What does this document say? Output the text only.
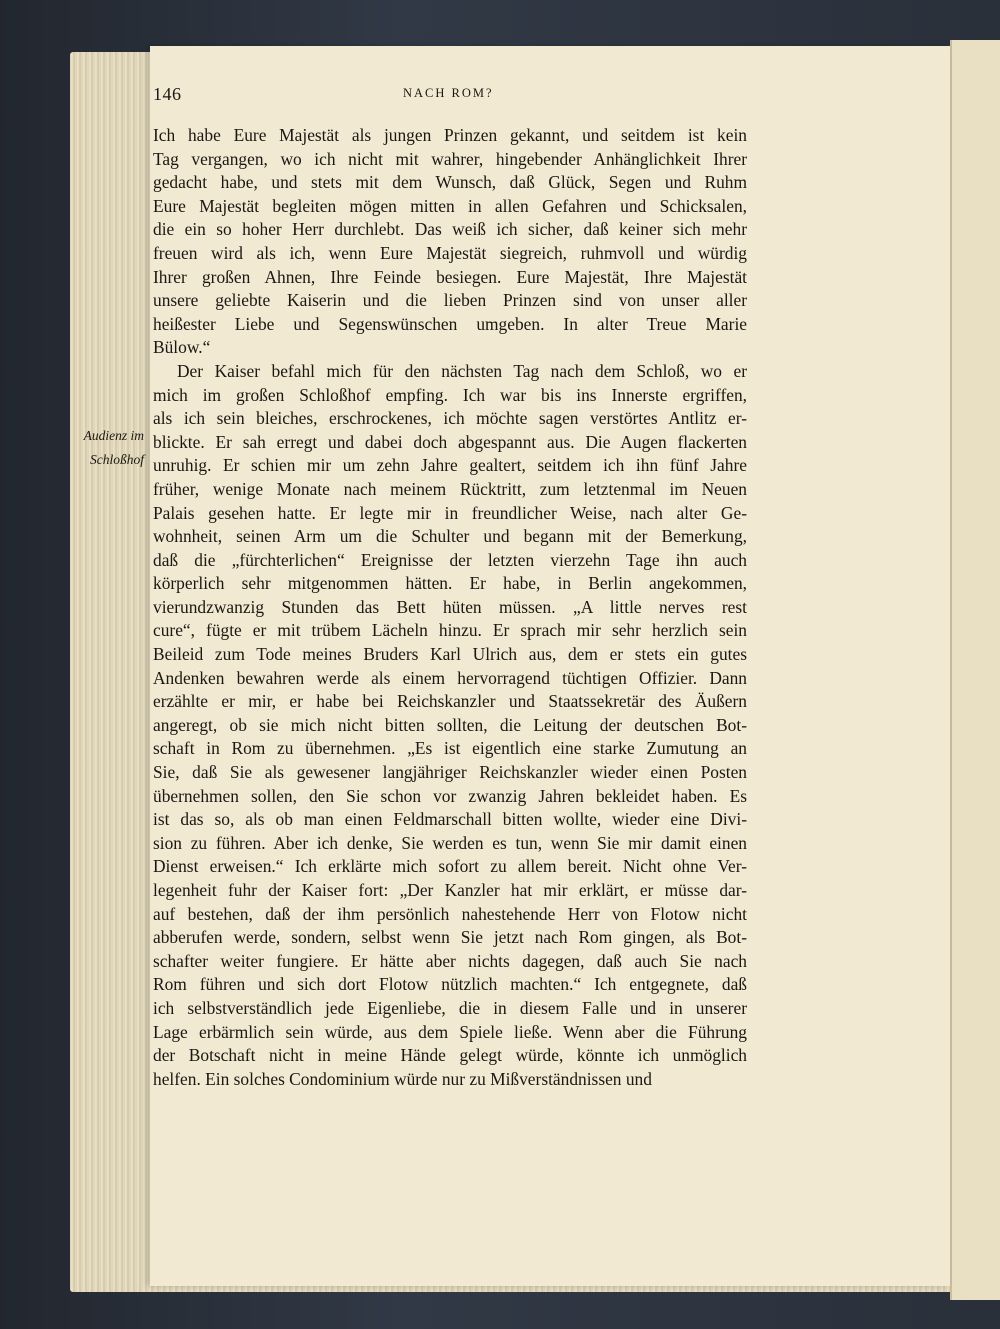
Audienz im
Schloßhof
146	NACH ROM?
Ich habe Eure Majestät als jungen Prinzen gekannt, und seitdem ist kein
Tag vergangen, wo ich nicht mit wahrer, hingebender Anhänglichkeit Ihrer
gedacht habe, und stets mit dem Wunsch, daß Glück, Segen und Ruhm
Eure Majestät begleiten mögen mitten in allen Gefahren und Schicksalen,
die ein so hoher Herr durchlebt. Das weiß ich sicher, daß keiner sich mehr
freuen wird als ich, wenn Eure Majestät siegreich, ruhmvoll und würdig
Ihrer großen Ahnen, Ihre Feinde besiegen. Eure Majestät, Ihre Majestät
unsere geliebte Kaiserin und die lieben Prinzen sind von unser aller
heißester Liebe und Segenswünschen umgeben. In alter Treue Marie
Bülow.“
Der Kaiser befahl mich für den nächsten Tag nach dem Schloß, wo er
mich im großen Schloßhof empfing. Ich war bis ins Innerste ergriffen,
als ich sein bleiches, erschrockenes, ich möchte sagen verstörtes Antlitz er-
blickte. Er sah erregt und dabei doch abgespannt aus. Die Augen flackerten
unruhig. Er schien mir um zehn Jahre gealtert, seitdem ich ihn fünf Jahre
früher, wenige Monate nach meinem Rücktritt, zum letztenmal im Neuen
Palais gesehen hatte. Er legte mir in freundlicher Weise, nach alter Ge-
wohnheit, seinen Arm um die Schulter und begann mit der Bemerkung,
daß die „fürchterlichen“ Ereignisse der letzten vierzehn Tage ihn auch
körperlich sehr mitgenommen hätten. Er habe, in Berlin angekommen,
vierundzwanzig Stunden das Bett hüten müssen. „A little nerves rest
cure“, fügte er mit trübem Lächeln hinzu. Er sprach mir sehr herzlich sein
Beileid zum Tode meines Bruders Karl Ulrich aus, dem er stets ein gutes
Andenken bewahren werde als einem hervorragend tüchtigen Offizier. Dann
erzählte er mir, er habe bei Reichskanzler und Staatssekretär des Äußern
angeregt, ob sie mich nicht bitten sollten, die Leitung der deutschen Bot-
schaft in Rom zu übernehmen. „Es ist eigentlich eine starke Zumutung an
Sie, daß Sie als gewesener langjähriger Reichskanzler wieder einen Posten
übernehmen sollen, den Sie schon vor zwanzig Jahren bekleidet haben. Es
ist das so, als ob man einen Feldmarschall bitten wollte, wieder eine Divi-
sion zu führen. Aber ich denke, Sie werden es tun, wenn Sie mir damit einen
Dienst erweisen.“ Ich erklärte mich sofort zu allem bereit. Nicht ohne Ver-
legenheit fuhr der Kaiser fort: „Der Kanzler hat mir erklärt, er müsse dar-
auf bestehen, daß der ihm persönlich nahestehende Herr von Flotow nicht
abberufen werde, sondern, selbst wenn Sie jetzt nach Rom gingen, als Bot-
schafter weiter fungiere. Er hätte aber nichts dagegen, daß auch Sie nach
Rom führen und sich dort Flotow nützlich machten.“ Ich entgegnete, daß
ich selbstverständlich jede Eigenliebe, die in diesem Falle und in unserer
Lage erbärmlich sein würde, aus dem Spiele ließe. Wenn aber die Führung
der Botschaft nicht in meine Hände gelegt würde, könnte ich unmöglich
helfen. Ein solches Condominium würde nur zu Mißverständnissen und
